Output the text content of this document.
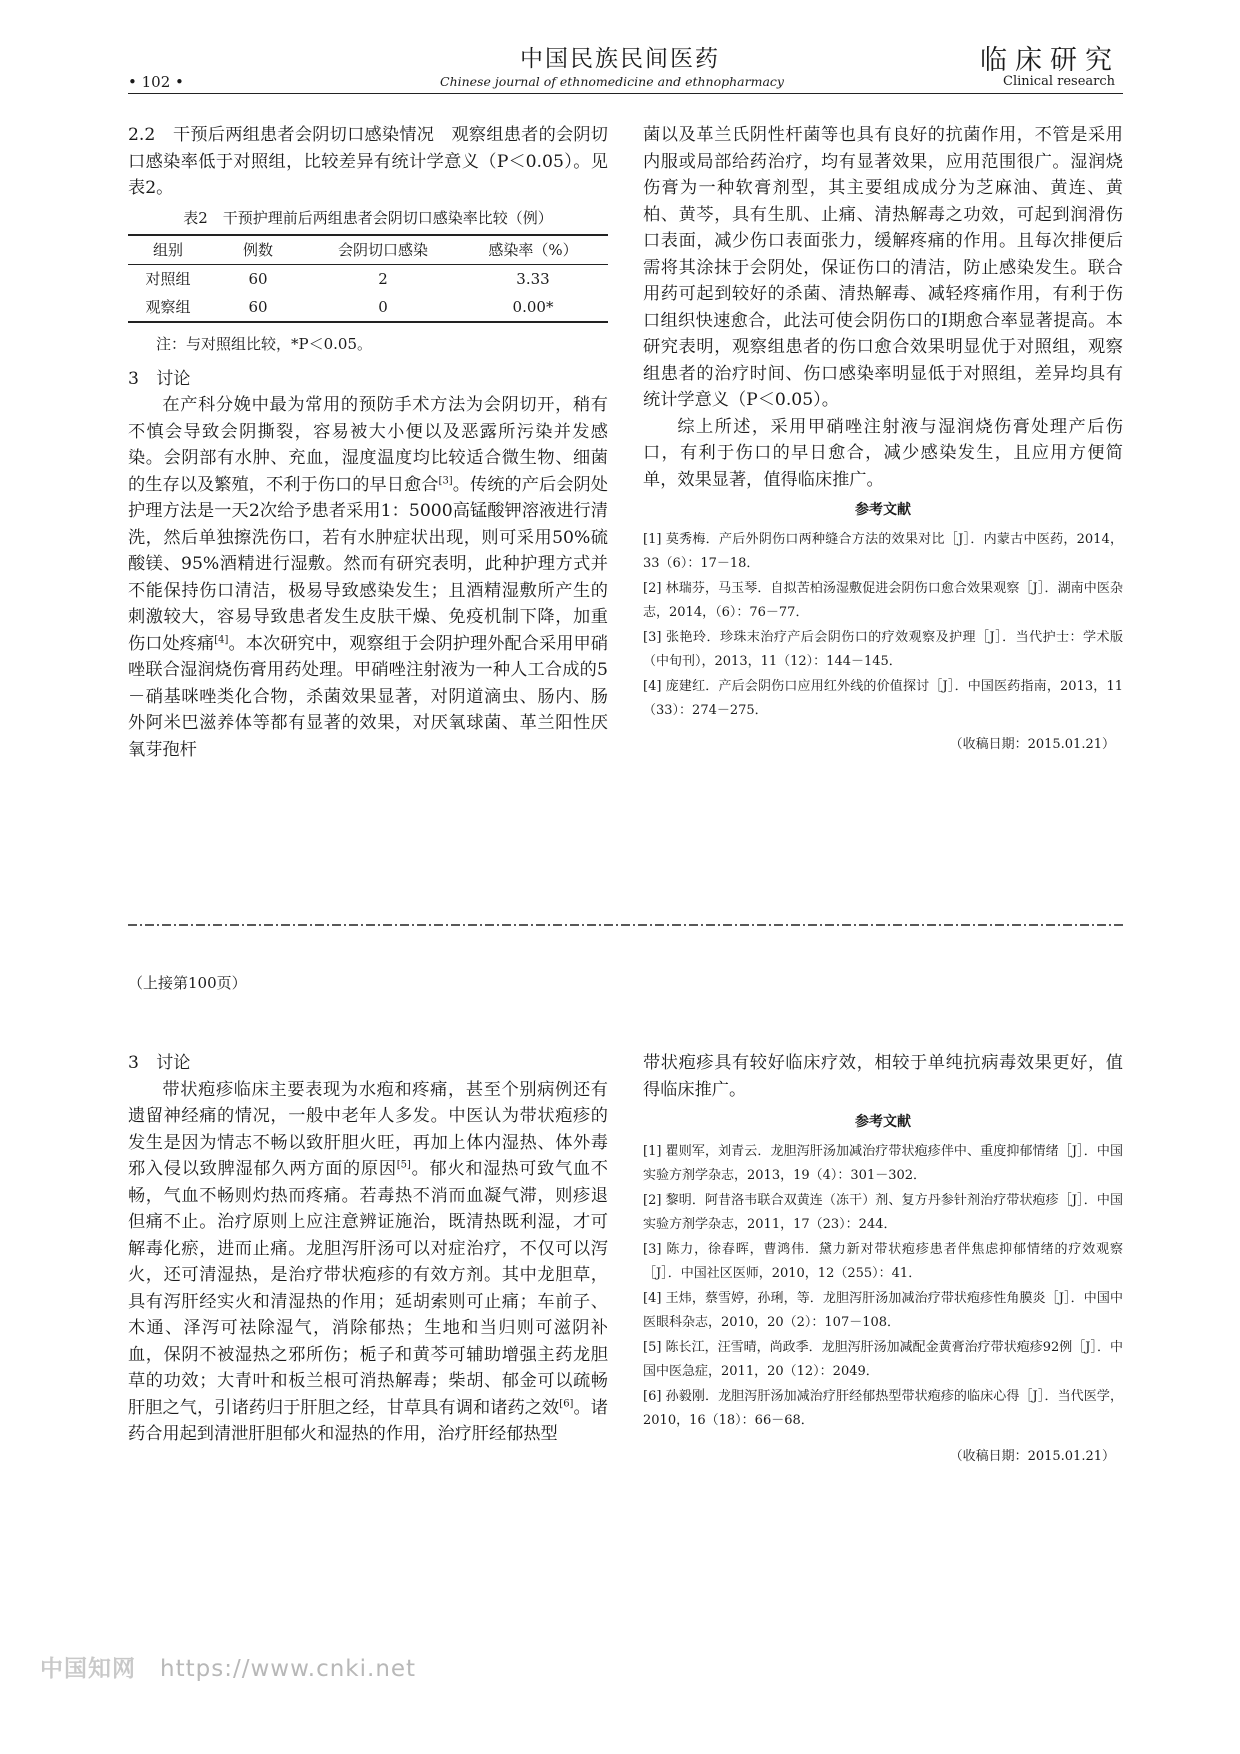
中国民族民间医药	临床研究
• 102 •	Chinese journal of ethnomedicine and ethnopharmacy	Clinical research

2.2　干预后两组患者会阴切口感染情况　观察组患者的会阴切口感染率低于对照组，比较差异有统计学意义（P＜0.05）。见表2。

表2　干预护理前后两组患者会阴切口感染率比较（例）
组别	例数	会阴切口感染	感染率（%）
对照组	60	2	3.33
观察组	60	0	0.00*
注：与对照组比较，*P＜0.05。

3　讨论

在产科分娩中最为常用的预防手术方法为会阴切开，稍有不慎会导致会阴撕裂，容易被大小便以及恶露所污染并发感染。会阴部有水肿、充血，湿度温度均比较适合微生物、细菌的生存以及繁殖，不利于伤口的早日愈合[3]。传统的产后会阴处护理方法是一天2次给予患者采用1：5000高锰酸钾溶液进行清洗，然后单独擦洗伤口，若有水肿症状出现，则可采用50%硫酸镁、95%酒精进行湿敷。然而有研究表明，此种护理方式并不能保持伤口清洁，极易导致感染发生；且酒精湿敷所产生的刺激较大，容易导致患者发生皮肤干燥、免疫机制下降，加重伤口处疼痛[4]。本次研究中，观察组于会阴护理外配合采用甲硝唑联合湿润烧伤膏用药处理。甲硝唑注射液为一种人工合成的5－硝基咪唑类化合物，杀菌效果显著，对阴道滴虫、肠内、肠外阿米巴滋养体等都有显著的效果，对厌氧球菌、革兰阳性厌氧芽孢杆

菌以及革兰氏阴性杆菌等也具有良好的抗菌作用，不管是采用内服或局部给药治疗，均有显著效果，应用范围很广。湿润烧伤膏为一种软膏剂型，其主要组成成分为芝麻油、黄连、黄柏、黄芩，具有生肌、止痛、清热解毒之功效，可起到润滑伤口表面，减少伤口表面张力，缓解疼痛的作用。且每次排便后需将其涂抹于会阴处，保证伤口的清洁，防止感染发生。联合用药可起到较好的杀菌、清热解毒、减轻疼痛作用，有利于伤口组织快速愈合，此法可使会阴伤口的Ⅰ期愈合率显著提高。本研究表明，观察组患者的伤口愈合效果明显优于对照组，观察组患者的治疗时间、伤口感染率明显低于对照组，差异均具有统计学意义（P＜0.05）。

综上所述，采用甲硝唑注射液与湿润烧伤膏处理产后伤口，有利于伤口的早日愈合，减少感染发生，且应用方便简单，效果显著，值得临床推广。

参考文献
[1] 莫秀梅．产后外阴伤口两种缝合方法的效果对比［J］．内蒙古中医药，2014，33（6）：17－18．
[2] 林瑞芬，马玉琴．自拟苦柏汤湿敷促进会阴伤口愈合效果观察［J］．湖南中医杂志，2014，（6）：76－77．
[3] 张艳玲．珍珠末治疗产后会阴伤口的疗效观察及护理［J］．当代护士：学术版（中旬刊），2013，11（12）：144－145．
[4] 庞建红．产后会阴伤口应用红外线的价值探讨［J］．中国医药指南，2013，11（33）：274－275．
（收稿日期：2015.01.21）
（上接第100页）

3　讨论

带状疱疹临床主要表现为水疱和疼痛，甚至个别病例还有遗留神经痛的情况，一般中老年人多发。中医认为带状疱疹的发生是因为情志不畅以致肝胆火旺，再加上体内湿热、体外毒邪入侵以致脾湿郁久两方面的原因[5]。郁火和湿热可致气血不畅，气血不畅则灼热而疼痛。若毒热不消而血凝气滞，则疹退但痛不止。治疗原则上应注意辨证施治，既清热既利湿，才可解毒化瘀，进而止痛。龙胆泻肝汤可以对症治疗，不仅可以泻火，还可清湿热，是治疗带状疱疹的有效方剂。其中龙胆草，具有泻肝经实火和清湿热的作用；延胡索则可止痛；车前子、木通、泽泻可祛除湿气，消除郁热；生地和当归则可滋阴补血，保阴不被湿热之邪所伤；栀子和黄芩可辅助增强主药龙胆草的功效；大青叶和板兰根可消热解毒；柴胡、郁金可以疏畅肝胆之气，引诸药归于肝胆之经，甘草具有调和诸药之效[6]。诸药合用起到清泄肝胆郁火和湿热的作用，治疗肝经郁热型

带状疱疹具有较好临床疗效，相较于单纯抗病毒效果更好，值得临床推广。

参考文献
[1] 瞿则军，刘青云．龙胆泻肝汤加减治疗带状疱疹伴中、重度抑郁情绪［J］．中国实验方剂学杂志，2013，19（4）：301－302．
[2] 黎明．阿昔洛韦联合双黄连（冻干）剂、复方丹参针剂治疗带状疱疹［J］．中国实验方剂学杂志，2011，17（23）：244．
[3] 陈力，徐春晖，曹鸿伟．黛力新对带状疱疹患者伴焦虑抑郁情绪的疗效观察［J］．中国社区医师，2010，12（255）：41．
[4] 王炜，蔡雪婷，孙琍，等．龙胆泻肝汤加减治疗带状疱疹性角膜炎［J］．中国中医眼科杂志，2010，20（2）：107－108．
[5] 陈长江，汪雪晴，尚政季．龙胆泻肝汤加减配金黄膏治疗带状疱疹92例［J］．中国中医急症，2011，20（12）：2049．
[6] 孙毅刚．龙胆泻肝汤加减治疗肝经郁热型带状疱疹的临床心得［J］．当代医学，2010，16（18）：66－68．
（收稿日期：2015.01.21）
中国知网 https://www.cnki.net
